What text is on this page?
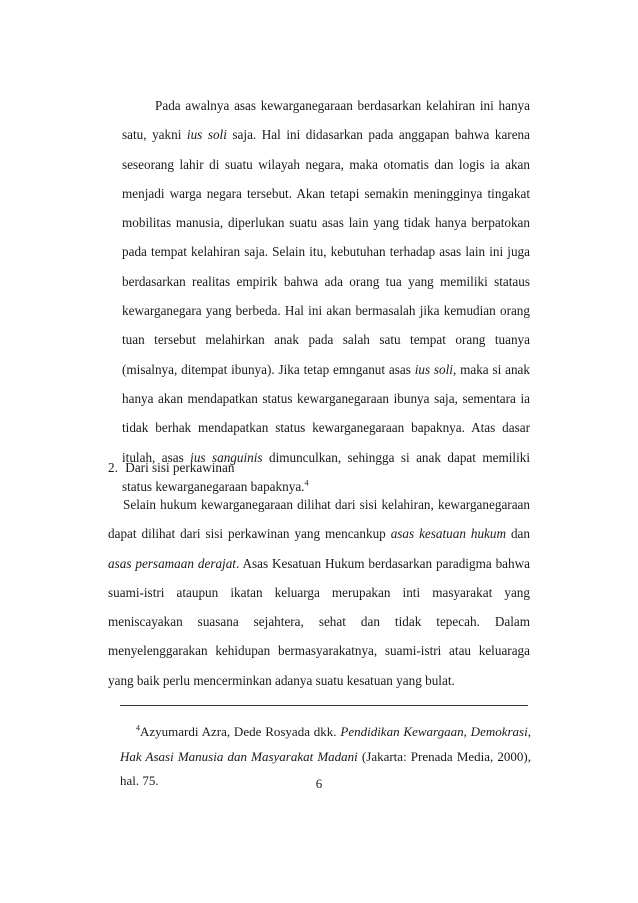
Pada awalnya asas kewarganegaraan berdasarkan kelahiran ini hanya satu, yakni ius soli saja. Hal ini didasarkan pada anggapan bahwa karena seseorang lahir di suatu wilayah negara, maka otomatis dan logis ia akan menjadi warga negara tersebut. Akan tetapi semakin meningginya tingakat mobilitas manusia, diperlukan suatu asas lain yang tidak hanya berpatokan pada tempat kelahiran saja. Selain itu, kebutuhan terhadap asas lain ini juga berdasarkan realitas empirik bahwa ada orang tua yang memiliki stataus kewarganegara yang berbeda. Hal ini akan bermasalah jika kemudian orang tuan tersebut melahirkan anak pada salah satu tempat orang tuanya (misalnya, ditempat ibunya). Jika tetap emnganut asas ius soli, maka si anak hanya akan mendapatkan status kewarganegaraan ibunya saja, sementara ia tidak berhak mendapatkan status kewarganegaraan bapaknya. Atas dasar itulah, asas ius sanguinis dimunculkan, sehingga si anak dapat memiliki status kewarganegaraan bapaknya.$^4$

2. Dari sisi perkawinan

Selain hukum kewarganegaraan dilihat dari sisi kelahiran, kewarganegaraan dapat dilihat dari sisi perkawinan yang mencankup asas kesatuan hukum dan asas persamaan derajat. Asas Kesatuan Hukum berdasarkan paradigma bahwa suami-istri ataupun ikatan keluarga merupakan inti masyarakat yang meniscayakan suasana sejahtera, sehat dan tidak tepecah. Dalam menyelenggarakan kehidupan bermasyarakatnya, suami-istri atau keluaraga yang baik perlu mencerminkan adanya suatu kesatuan yang bulat.

$^4$Azyumardi Azra, Dede Rosyada dkk. Pendidikan Kewargaan, Demokrasi, Hak Asasi Manusia dan Masyarakat Madani (Jakarta: Prenada Media, 2000), hal. 75.	6
